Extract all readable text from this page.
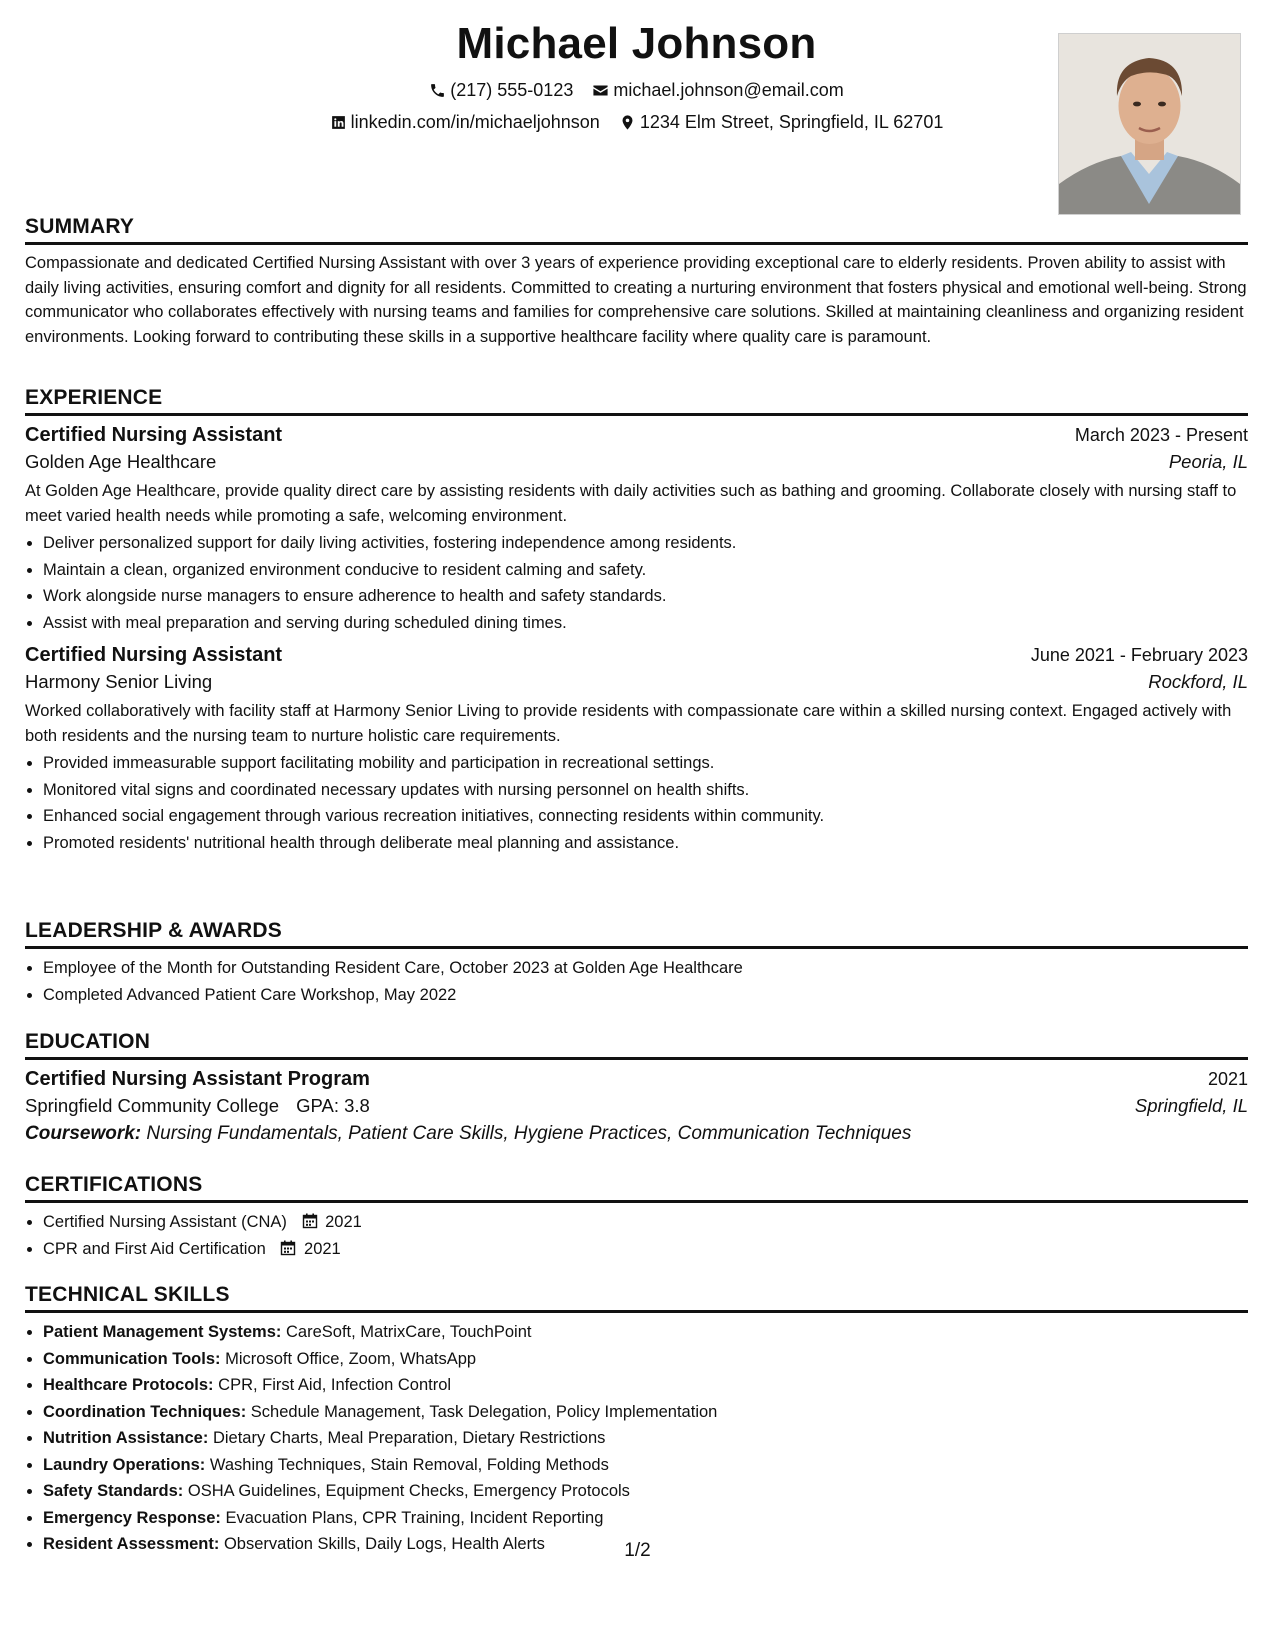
Michael Johnson
(217) 555-0123
michael.johnson@email.com
linkedin.com/in/michaeljohnson
1234 Elm Street, Springfield, IL 62701
SUMMARY
Compassionate and dedicated Certified Nursing Assistant with over 3 years of experience providing exceptional care to elderly residents. Proven ability to assist with daily living activities, ensuring comfort and dignity for all residents. Committed to creating a nurturing environment that fosters physical and emotional well-being. Strong communicator who collaborates effectively with nursing teams and families for comprehensive care solutions. Skilled at maintaining cleanliness and organizing resident environments. Looking forward to contributing these skills in a supportive healthcare facility where quality care is paramount.
EXPERIENCE
Certified Nursing Assistant	March 2023 - Present
Golden Age Healthcare	Peoria, IL
At Golden Age Healthcare, provide quality direct care by assisting residents with daily activities such as bathing and grooming. Collaborate closely with nursing staff to meet varied health needs while promoting a safe, welcoming environment.
• Deliver personalized support for daily living activities, fostering independence among residents.
• Maintain a clean, organized environment conducive to resident calming and safety.
• Work alongside nurse managers to ensure adherence to health and safety standards.
• Assist with meal preparation and serving during scheduled dining times.
Certified Nursing Assistant	June 2021 - February 2023
Harmony Senior Living	Rockford, IL
Worked collaboratively with facility staff at Harmony Senior Living to provide residents with compassionate care within a skilled nursing context. Engaged actively with both residents and the nursing team to nurture holistic care requirements.
• Provided immeasurable support facilitating mobility and participation in recreational settings.
• Monitored vital signs and coordinated necessary updates with nursing personnel on health shifts.
• Enhanced social engagement through various recreation initiatives, connecting residents within community.
• Promoted residents' nutritional health through deliberate meal planning and assistance.
LEADERSHIP & AWARDS
• Employee of the Month for Outstanding Resident Care, October 2023 at Golden Age Healthcare
• Completed Advanced Patient Care Workshop, May 2022
EDUCATION
Certified Nursing Assistant Program	2021
Springfield Community College GPA: 3.8	Springfield, IL
Coursework: Nursing Fundamentals, Patient Care Skills, Hygiene Practices, Communication Techniques
CERTIFICATIONS
• Certified Nursing Assistant (CNA) 2021
• CPR and First Aid Certification 2021
TECHNICAL SKILLS
• Patient Management Systems: CareSoft, MatrixCare, TouchPoint
• Communication Tools: Microsoft Office, Zoom, WhatsApp
• Healthcare Protocols: CPR, First Aid, Infection Control
• Coordination Techniques: Schedule Management, Task Delegation, Policy Implementation
• Nutrition Assistance: Dietary Charts, Meal Preparation, Dietary Restrictions
• Laundry Operations: Washing Techniques, Stain Removal, Folding Methods
• Safety Standards: OSHA Guidelines, Equipment Checks, Emergency Protocols
• Emergency Response: Evacuation Plans, CPR Training, Incident Reporting
• Resident Assessment: Observation Skills, Daily Logs, Health Alerts	1/2
